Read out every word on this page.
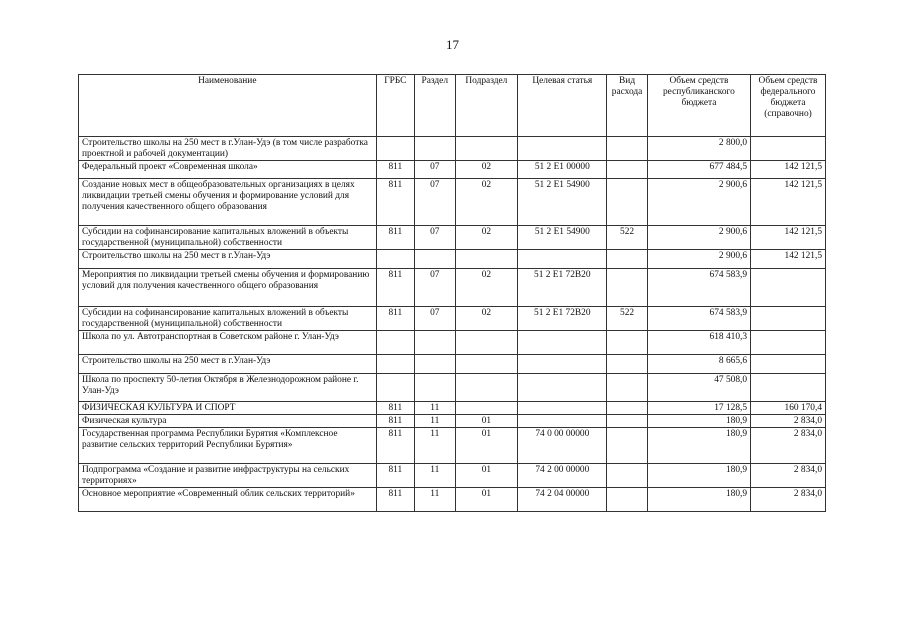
17
Наименование	ГРБС	Раздел	Подраздел	Целевая статья	Вид расхода	Объем средств республиканского бюджета	Объем средств федерального бюджета (справочно)
Строительство школы на 250 мест в г.Улан-Удэ (в том числе разработка проектной и рабочей документации)						2 800,0	
Федеральный проект «Современная школа»	811	07	02	51 2 E1 00000		677 484,5	142 121,5
Создание новых мест в общеобразовательных организациях в целях ликвидации третьей смены обучения и формирование условий для получения качественного общего образования	811	07	02	51 2 E1 54900		2 900,6	142 121,5
Субсидии на софинансирование капитальных вложений в объекты государственной (муниципальной) собственности	811	07	02	51 2 E1 54900	522	2 900,6	142 121,5
Строительство школы на 250 мест в г.Улан-Удэ						2 900,6	142 121,5
Мероприятия по ликвидации третьей смены обучения и формированию условий для получения качественного общего образования	811	07	02	51 2 E1 72B20		674 583,9	
Субсидии на софинансирование капитальных вложений в объекты государственной (муниципальной) собственности	811	07	02	51 2 E1 72B20	522	674 583,9	
Школа по ул. Автотранспортная в Советском районе г. Улан-Удэ						618 410,3	
Строительство школы на 250 мест в г.Улан-Удэ						8 665,6	
Школа по проспекту 50-летия Октября в Железнодорожном районе г. Улан-Удэ						47 508,0	
ФИЗИЧЕСКАЯ КУЛЬТУРА И СПОРТ	811	11				17 128,5	160 170,4
Физическая культура	811	11	01			180,9	2 834,0
Государственная программа Республики Бурятия «Комплексное развитие сельских территорий Республики Бурятия»	811	11	01	74 0 00 00000		180,9	2 834,0
Подпрограмма «Создание и развитие инфраструктуры на сельских территориях»	811	11	01	74 2 00 00000		180,9	2 834,0
Основное мероприятие «Современный облик сельских территорий»	811	11	01	74 2 04 00000		180,9	2 834,0
